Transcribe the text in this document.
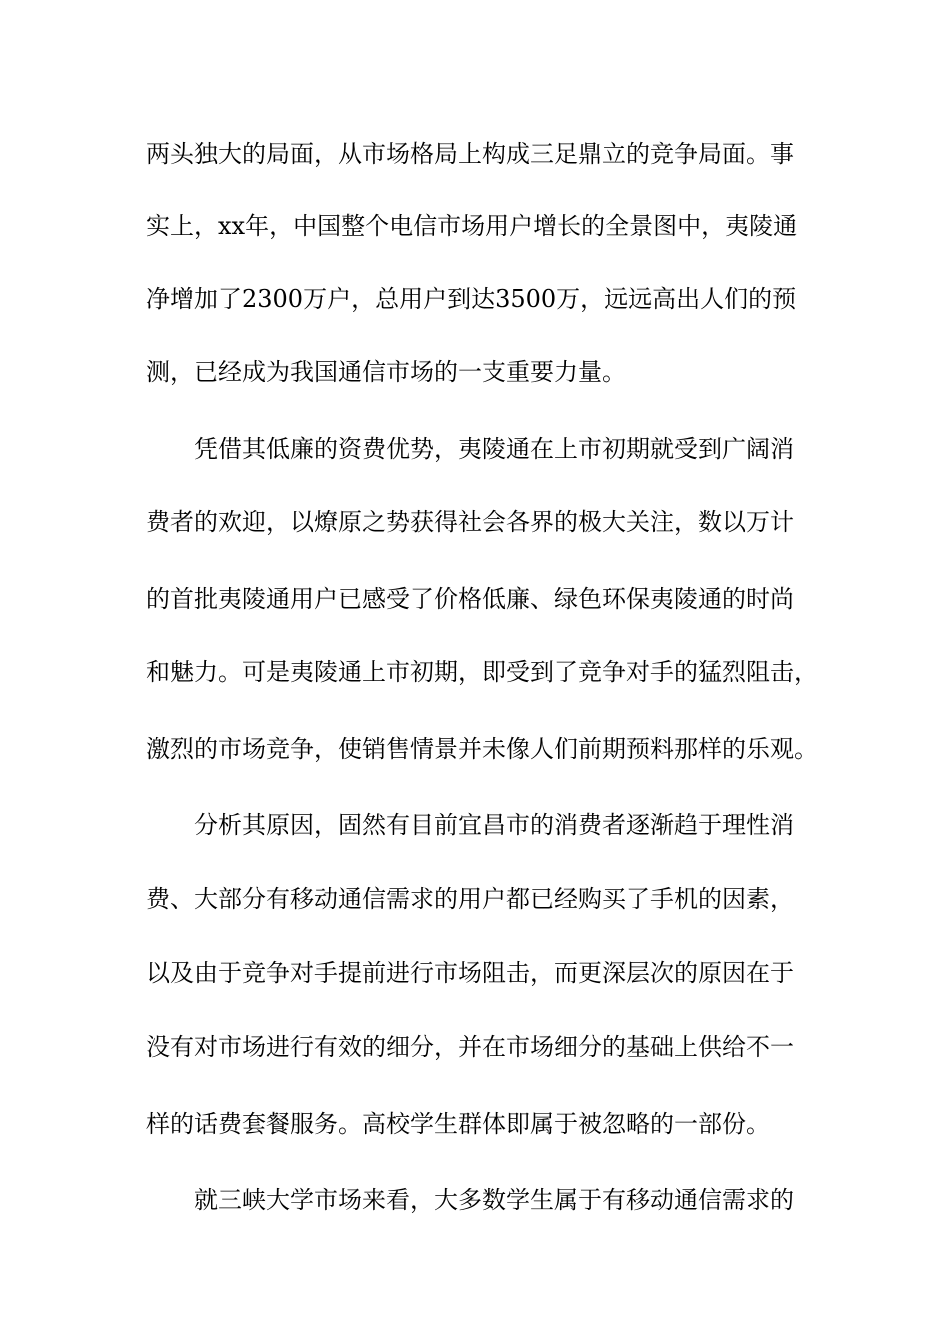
两头独大的局面，从市场格局上构成三足鼎立的竞争局面。事
实上，xx年，中国整个电信市场用户增长的全景图中，夷陵通
净增加了2300万户，总用户到达3500万，远远高出人们的预
测，已经成为我国通信市场的一支重要力量。
凭借其低廉的资费优势，夷陵通在上市初期就受到广阔消
费者的欢迎，以燎原之势获得社会各界的极大关注，数以万计
的首批夷陵通用户已感受了价格低廉、绿色环保夷陵通的时尚
和魅力。可是夷陵通上市初期，即受到了竞争对手的猛烈阻击，
激烈的市场竞争，使销售情景并未像人们前期预料那样的乐观。
分析其原因，固然有目前宜昌市的消费者逐渐趋于理性消
费、大部分有移动通信需求的用户都已经购买了手机的因素，
以及由于竞争对手提前进行市场阻击，而更深层次的原因在于
没有对市场进行有效的细分，并在市场细分的基础上供给不一
样的话费套餐服务。高校学生群体即属于被忽略的一部份。
就三峡大学市场来看，大多数学生属于有移动通信需求的
